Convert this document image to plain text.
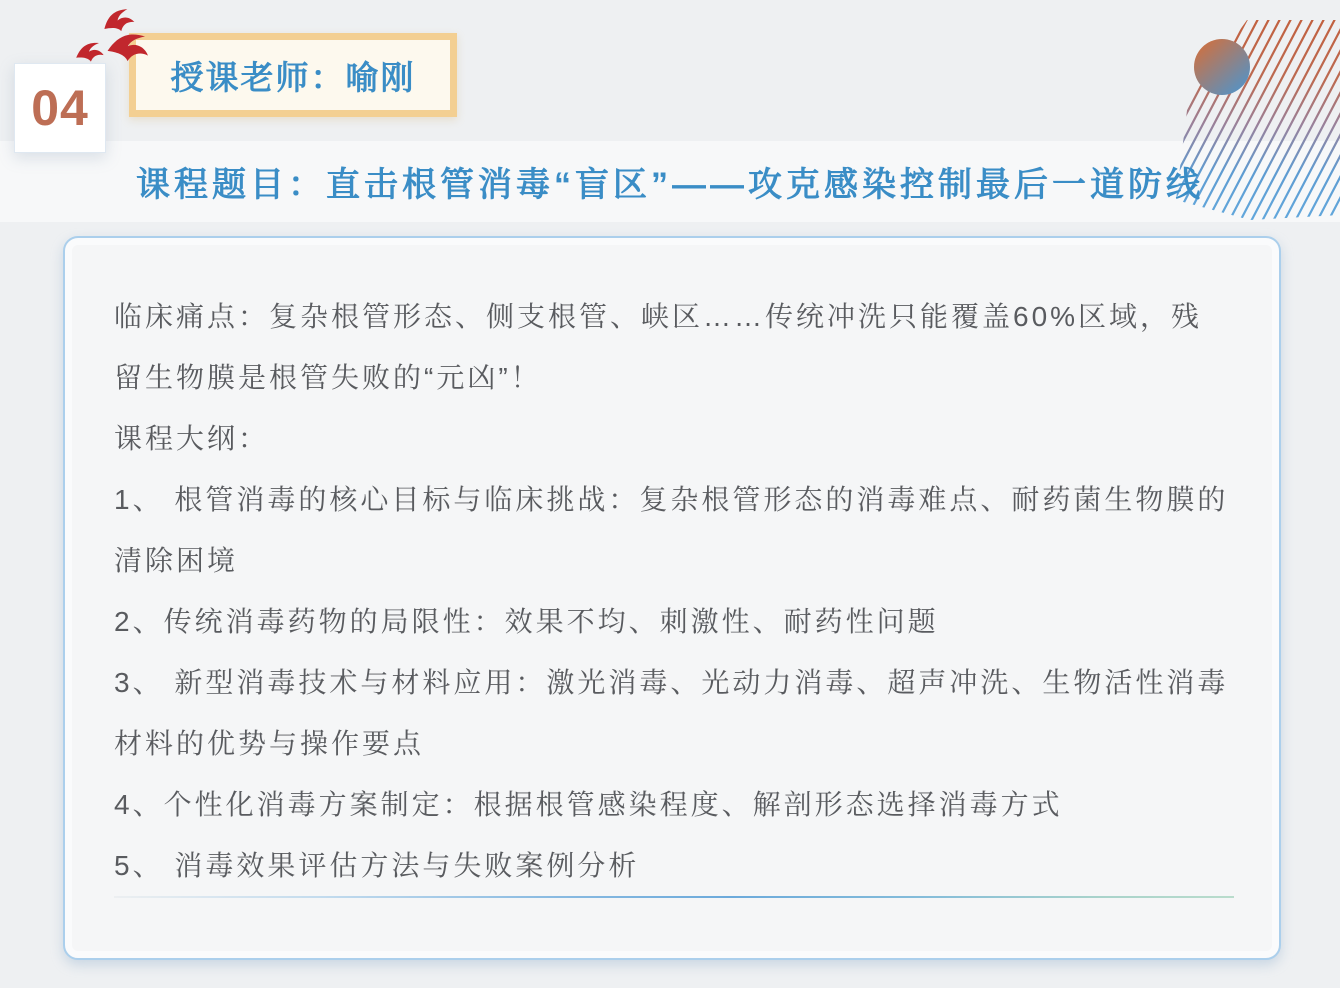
04
授课老师：喻刚
课程题目：直击根管消毒“盲区”——攻克感染控制最后一道防线

临床痛点：复杂根管形态、侧支根管、峡区……传统冲洗只能覆盖60%区域，残留生物膜是根管失败的“元凶”！

课程大纲：

1、 根管消毒的核心目标与临床挑战：复杂根管形态的消毒难点、耐药菌生物膜的清除困境

2、传统消毒药物的局限性：效果不均、刺激性、耐药性问题

3、 新型消毒技术与材料应用：激光消毒、光动力消毒、超声冲洗、生物活性消毒材料的优势与操作要点

4、个性化消毒方案制定：根据根管感染程度、解剖形态选择消毒方式

5、 消毒效果评估方法与失败案例分析
